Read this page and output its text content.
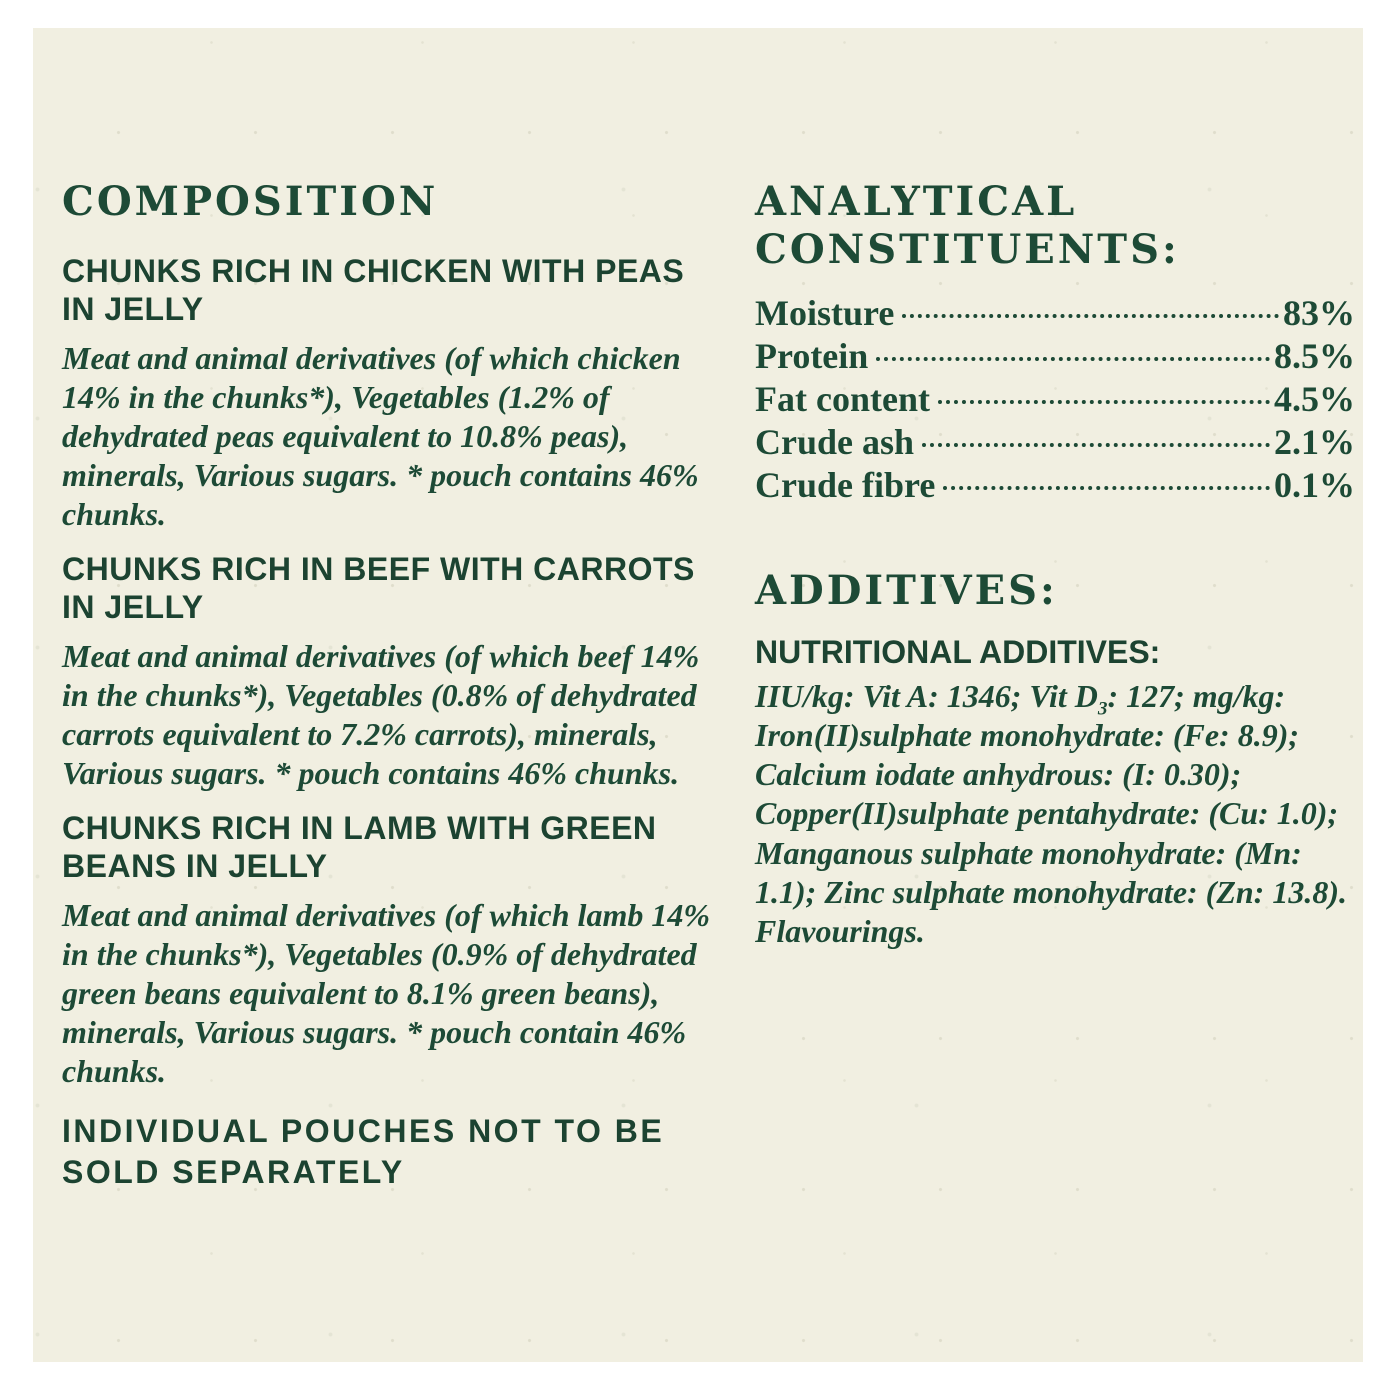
COMPOSITION
CHUNKS RICH IN CHICKEN WITH PEAS IN JELLY

Meat and animal derivatives (of which chicken 14% in the chunks*), Vegetables (1.2% of dehydrated peas equivalent to 10.8% peas), minerals, Various sugars. * pouch contains 46% chunks.

CHUNKS RICH IN BEEF WITH CARROTS IN JELLY

Meat and animal derivatives (of which beef 14% in the chunks*), Vegetables (0.8% of dehydrated carrots equivalent to 7.2% carrots), minerals, Various sugars. * pouch contains 46% chunks.

CHUNKS RICH IN LAMB WITH GREEN BEANS IN JELLY

Meat and animal derivatives (of which lamb 14% in the chunks*), Vegetables (0.9% of dehydrated green beans equivalent to 8.1% green beans), minerals, Various sugars. * pouch contain 46% chunks.

INDIVIDUAL POUCHES NOT TO BE SOLD SEPARATELY

ANALYTICAL CONSTITUENTS:
Moisture	83%
Protein	8.5%
Fat content	4.5%
Crude ash	2.1%
Crude fibre	0.1%
ADDITIVES:
NUTRITIONAL ADDITIVES:

IIU/kg: Vit A: 1346; Vit $D_3$: 127; mg/kg: Iron(II)sulphate monohydrate: (Fe: 8.9); Calcium iodate anhydrous: (I: 0.30); Copper(II)sulphate pentahydrate: (Cu: 1.0); Manganous sulphate monohydrate: (Mn: 1.1); Zinc sulphate monohydrate: (Zn: 13.8). Flavourings.
